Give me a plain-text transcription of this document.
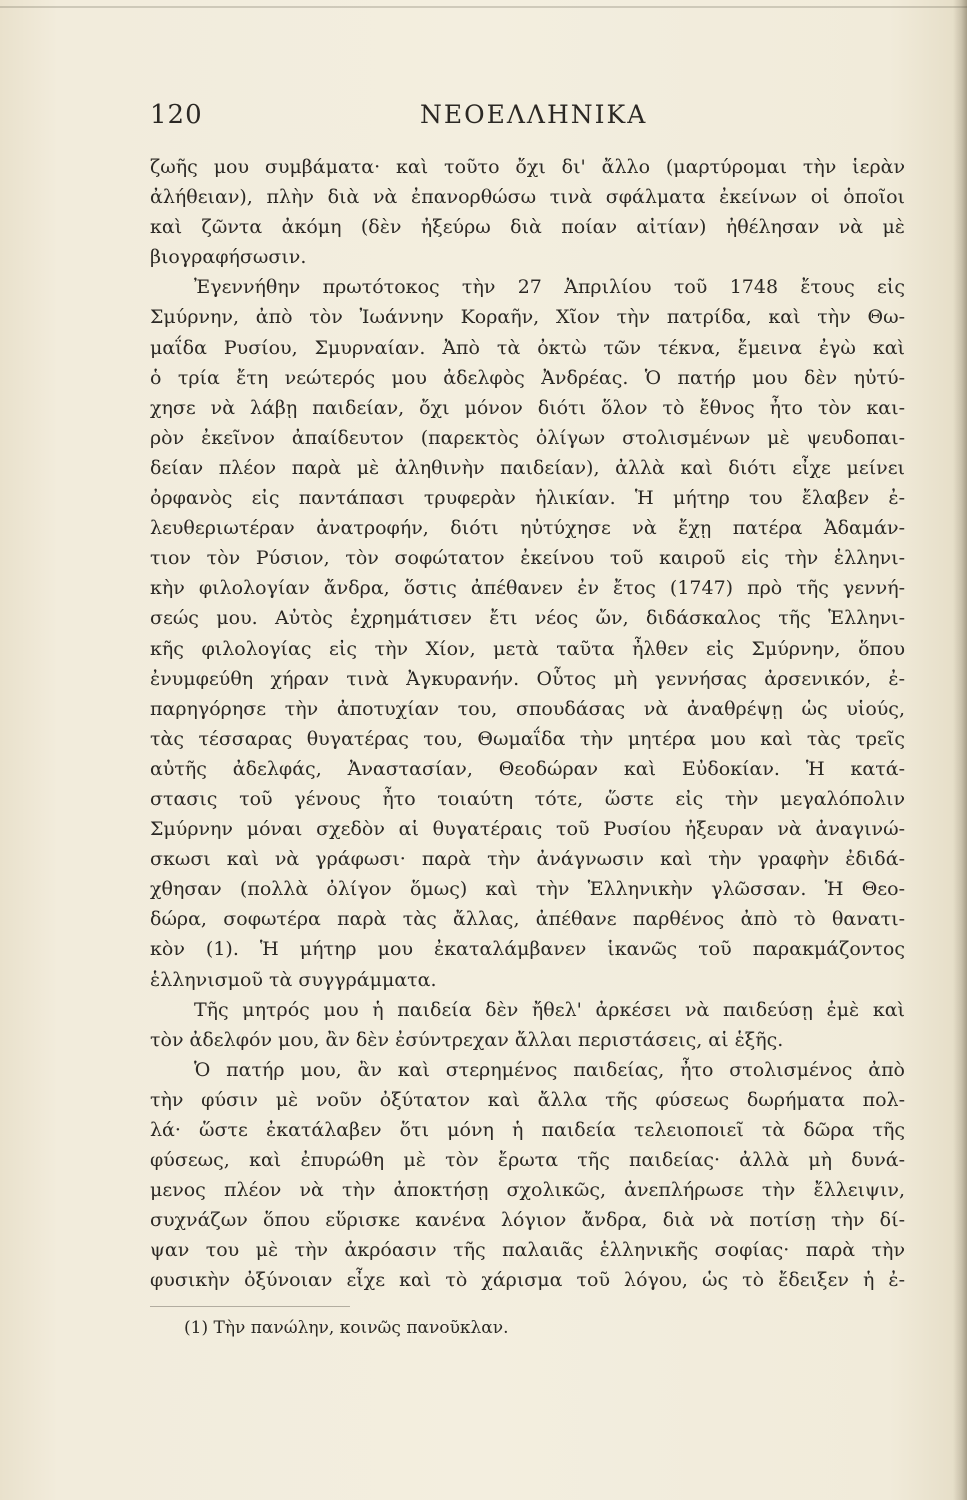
120	ΝΕΟΕΛΛΗΝΙΚΑ
ζωῆς μου συμβάματα· καὶ τοῦτο ὄχι δι' ἄλλο (μαρτύρομαι τὴν ἱερὰν
ἀλήθειαν), πλὴν διὰ νὰ ἐπανορθώσω τινὰ σφάλματα ἐκείνων οἱ ὁποῖοι
καὶ ζῶντα ἀκόμη (δὲν ἠξεύρω διὰ ποίαν αἰτίαν) ἠθέλησαν νὰ μὲ
βιογραφήσωσιν.
Ἐγεννήθην πρωτότοκος τὴν 27 Ἀπριλίου τοῦ 1748 ἔτους εἰς
Σμύρνην, ἀπὸ τὸν Ἰωάννην Κοραῆν, Χῖον τὴν πατρίδα, καὶ τὴν Θω-
μαΐδα Ρυσίου, Σμυρναίαν. Ἀπὸ τὰ ὀκτὼ τῶν τέκνα, ἔμεινα ἐγὼ καὶ
ὁ τρία ἔτη νεώτερός μου ἀδελφὸς Ἀνδρέας. Ὁ πατήρ μου δὲν ηὐτύ-
χησε νὰ λάβῃ παιδείαν, ὄχι μόνον διότι ὅλον τὸ ἔθνος ἦτο τὸν και-
ρὸν ἐκεῖνον ἀπαίδευτον (παρεκτὸς ὀλίγων στολισμένων μὲ ψευδοπαι-
δείαν πλέον παρὰ μὲ ἀληθινὴν παιδείαν), ἀλλὰ καὶ διότι εἶχε μείνει
ὀρφανὸς εἰς παντάπασι τρυφερὰν ἡλικίαν. Ἡ μήτηρ του ἔλαβεν ἐ-
λευθεριωτέραν ἀνατροφήν, διότι ηὐτύχησε νὰ ἔχῃ πατέρα Ἀδαμάν-
τιον τὸν Ρύσιον, τὸν σοφώτατον ἐκείνου τοῦ καιροῦ εἰς τὴν ἑλληνι-
κὴν φιλολογίαν ἄνδρα, ὅστις ἀπέθανεν ἐν ἔτος (1747) πρὸ τῆς γεννή-
σεώς μου. Αὐτὸς ἐχρημάτισεν ἔτι νέος ὤν, διδάσκαλος τῆς Ἑλληνι-
κῆς φιλολογίας εἰς τὴν Χίον, μετὰ ταῦτα ἦλθεν εἰς Σμύρνην, ὅπου
ἐνυμφεύθη χήραν τινὰ Ἀγκυρανήν. Οὗτος μὴ γεννήσας ἀρσενικόν, ἐ-
παρηγόρησε τὴν ἀποτυχίαν του, σπουδάσας νὰ ἀναθρέψῃ ὡς υἱούς,
τὰς τέσσαρας θυγατέρας του, Θωμαΐδα τὴν μητέρα μου καὶ τὰς τρεῖς
αὐτῆς ἀδελφάς, Ἀναστασίαν, Θεοδώραν καὶ Εὐδοκίαν. Ἡ κατά-
στασις τοῦ γένους ἦτο τοιαύτη τότε, ὥστε εἰς τὴν μεγαλόπολιν
Σμύρνην μόναι σχεδὸν αἱ θυγατέραις τοῦ Ρυσίου ἠξευραν νὰ ἀναγινώ-
σκωσι καὶ νὰ γράφωσι· παρὰ τὴν ἀνάγνωσιν καὶ τὴν γραφὴν ἐδιδά-
χθησαν (πολλὰ ὀλίγον ὅμως) καὶ τὴν Ἑλληνικὴν γλῶσσαν. Ἡ Θεο-
δώρα, σοφωτέρα παρὰ τὰς ἄλλας, ἀπέθανε παρθένος ἀπὸ τὸ θανατι-
κὸν (1). Ἡ μήτηρ μου ἐκαταλάμβανεν ἱκανῶς τοῦ παρακμάζοντος
ἑλληνισμοῦ τὰ συγγράμματα.
Τῆς μητρός μου ἡ παιδεία δὲν ἤθελ' ἀρκέσει νὰ παιδεύσῃ ἐμὲ καὶ
τὸν ἀδελφόν μου, ἂν δὲν ἐσύντρεχαν ἄλλαι περιστάσεις, αἱ ἑξῆς.
Ὁ πατήρ μου, ἂν καὶ στερημένος παιδείας, ἦτο στολισμένος ἀπὸ
τὴν φύσιν μὲ νοῦν ὀξύτατον καὶ ἄλλα τῆς φύσεως δωρήματα πολ-
λά· ὥστε ἐκατάλαβεν ὅτι μόνη ἡ παιδεία τελειοποιεῖ τὰ δῶρα τῆς
φύσεως, καὶ ἐπυρώθη μὲ τὸν ἔρωτα τῆς παιδείας· ἀλλὰ μὴ δυνά-
μενος πλέον νὰ τὴν ἀποκτήσῃ σχολικῶς, ἀνεπλήρωσε τὴν ἔλλειψιν,
συχνάζων ὅπου εὕρισκε κανένα λόγιον ἄνδρα, διὰ νὰ ποτίσῃ τὴν δί-
ψαν του μὲ τὴν ἀκρόασιν τῆς παλαιᾶς ἑλληνικῆς σοφίας· παρὰ τὴν
φυσικὴν ὀξύνοιαν εἶχε καὶ τὸ χάρισμα τοῦ λόγου, ὡς τὸ ἔδειξεν ἡ ἐ-
(1) Τὴν πανώλην, κοινῶς πανοῦκλαν.
